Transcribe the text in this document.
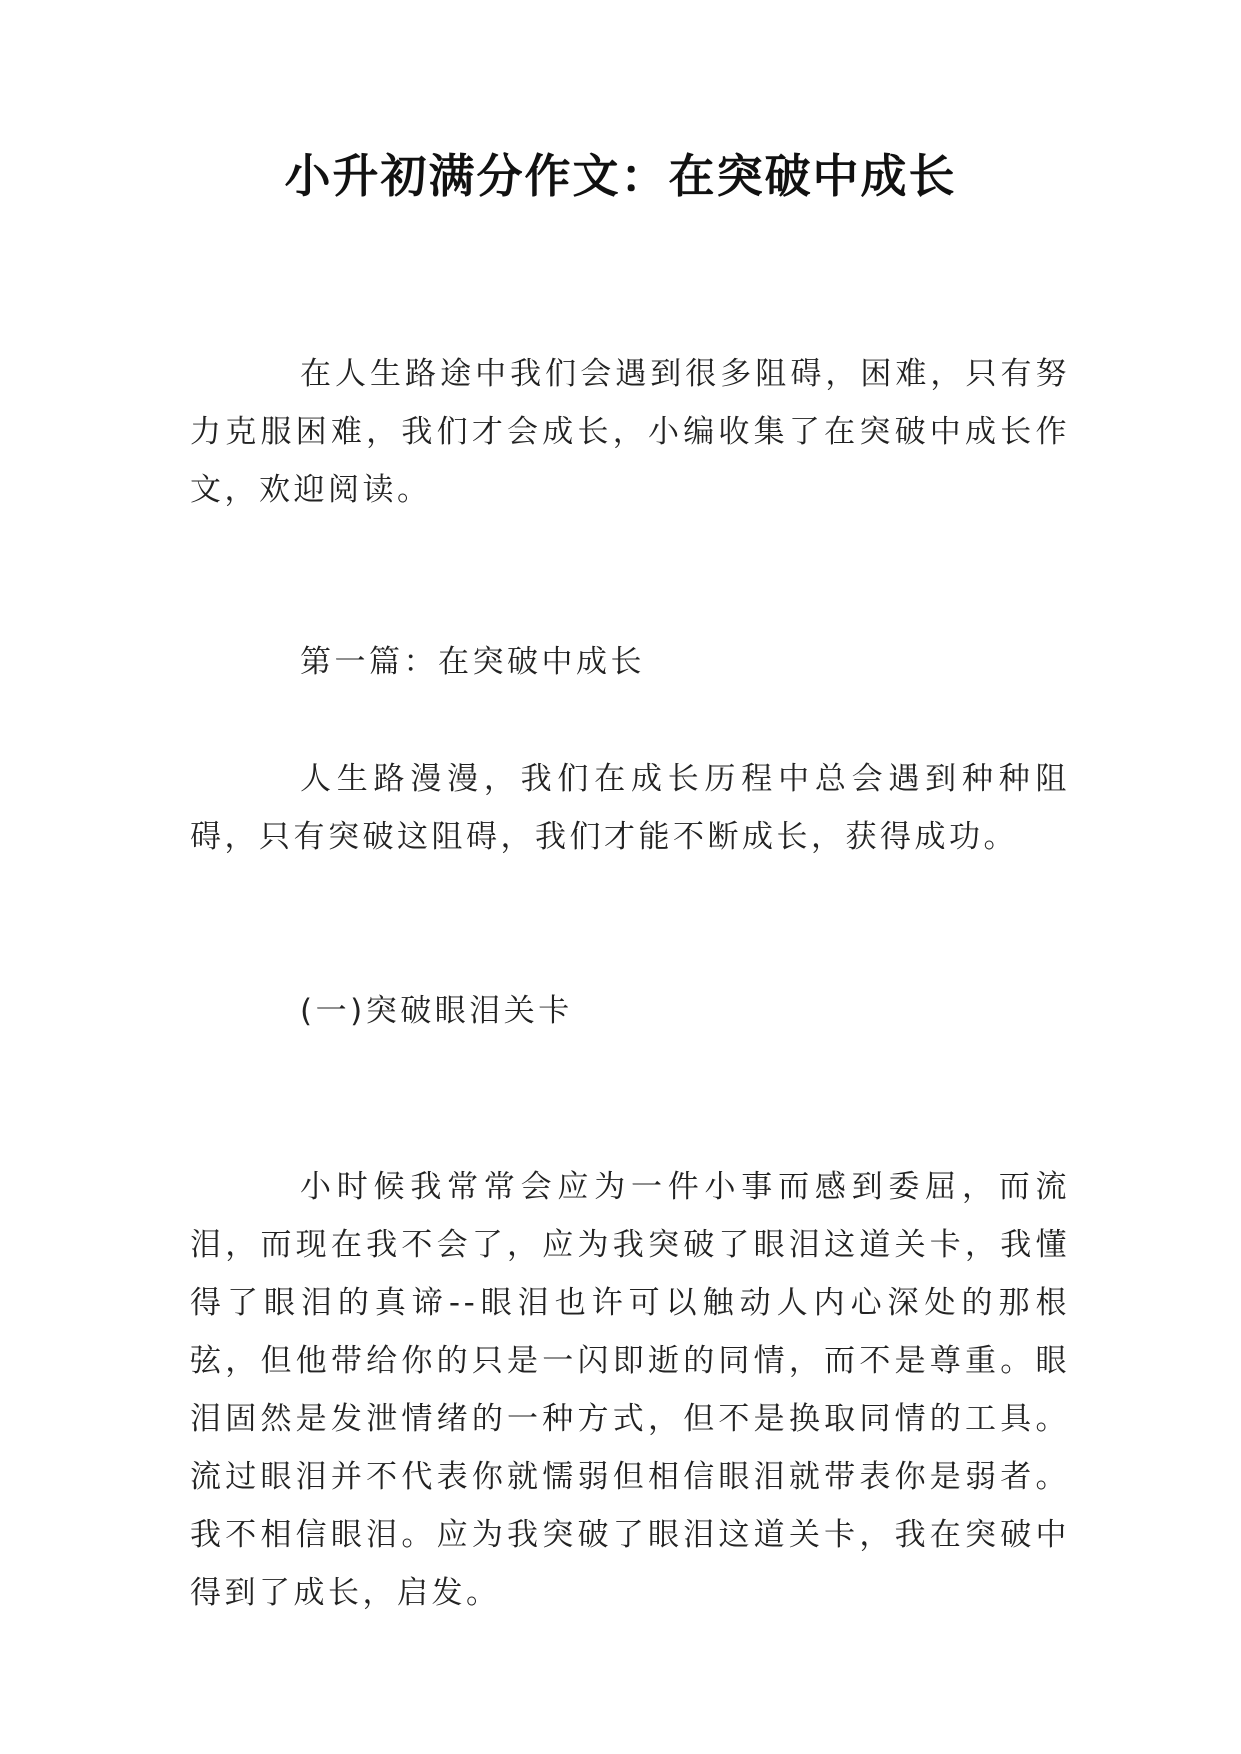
小升初满分作文：在突破中成长

在人生路途中我们会遇到很多阻碍，困难，只有努力克服困难，我们才会成长，小编收集了在突破中成长作文，欢迎阅读。

第一篇：在突破中成长

人生路漫漫，我们在成长历程中总会遇到种种阻碍，只有突破这阻碍，我们才能不断成长，获得成功。

(一)突破眼泪关卡

小时候我常常会应为一件小事而感到委屈，而流泪，而现在我不会了，应为我突破了眼泪这道关卡，我懂得了眼泪的真谛--眼泪也许可以触动人内心深处的那根弦，但他带给你的只是一闪即逝的同情，而不是尊重。眼泪固然是发泄情绪的一种方式，但不是换取同情的工具。流过眼泪并不代表你就懦弱但相信眼泪就带表你是弱者。我不相信眼泪。应为我突破了眼泪这道关卡，我在突破中得到了成长，启发。
